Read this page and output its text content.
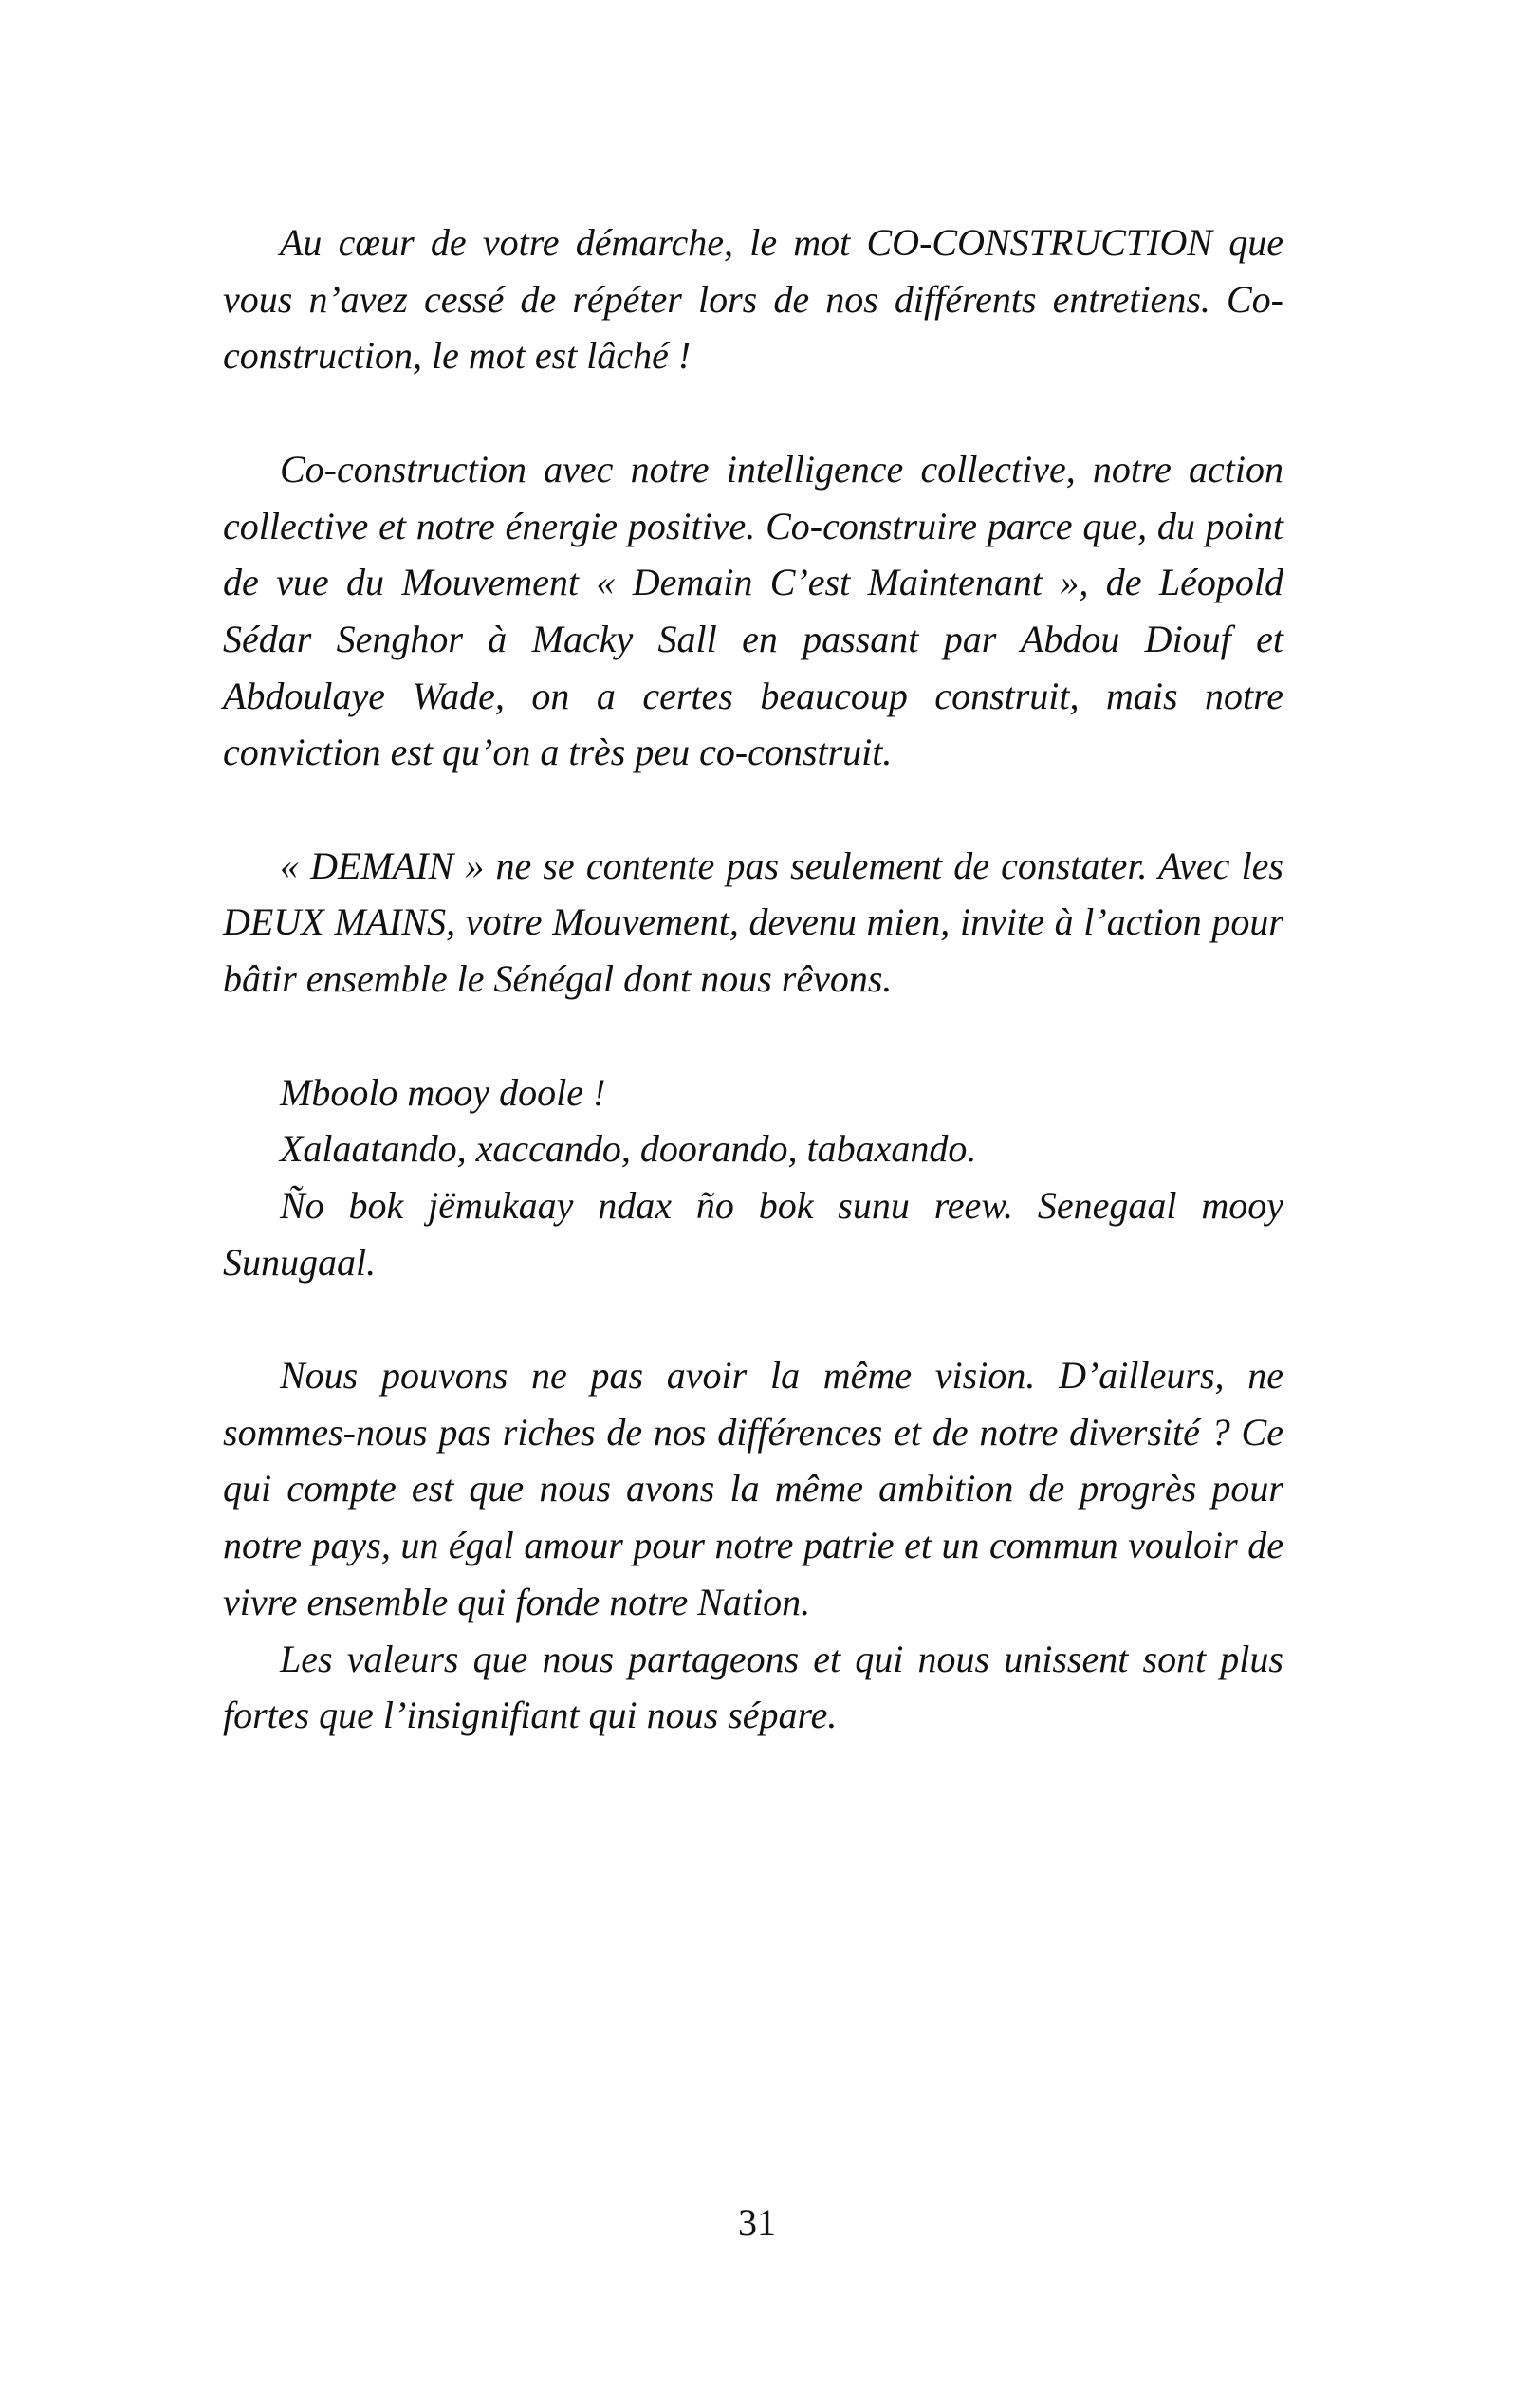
Au cœur de votre démarche, le mot CO-CONSTRUCTION que vous n’avez cessé de répéter lors de nos différents entretiens. Co-construction, le mot est lâché !

Co-construction avec notre intelligence collective, notre action collective et notre énergie positive. Co-construire parce que, du point de vue du Mouvement « Demain C’est Maintenant », de Léopold Sédar Senghor à Macky Sall en passant par Abdou Diouf et Abdoulaye Wade, on a certes beaucoup construit, mais notre conviction est qu’on a très peu co-construit.

« DEMAIN » ne se contente pas seulement de constater. Avec les DEUX MAINS, votre Mouvement, devenu mien, invite à l’action pour bâtir ensemble le Sénégal dont nous rêvons.

Mboolo mooy doole !

Xalaatando, xaccando, doorando, tabaxando.

Ño bok jëmukaay ndax ño bok sunu reew. Senegaal mooy Sunugaal.

Nous pouvons ne pas avoir la même vision. D’ailleurs, ne sommes-nous pas riches de nos différences et de notre diversité ? Ce qui compte est que nous avons la même ambition de progrès pour notre pays, un égal amour pour notre patrie et un commun vouloir de vivre ensemble qui fonde notre Nation.

Les valeurs que nous partageons et qui nous unissent sont plus fortes que l’insignifiant qui nous sépare.

31
